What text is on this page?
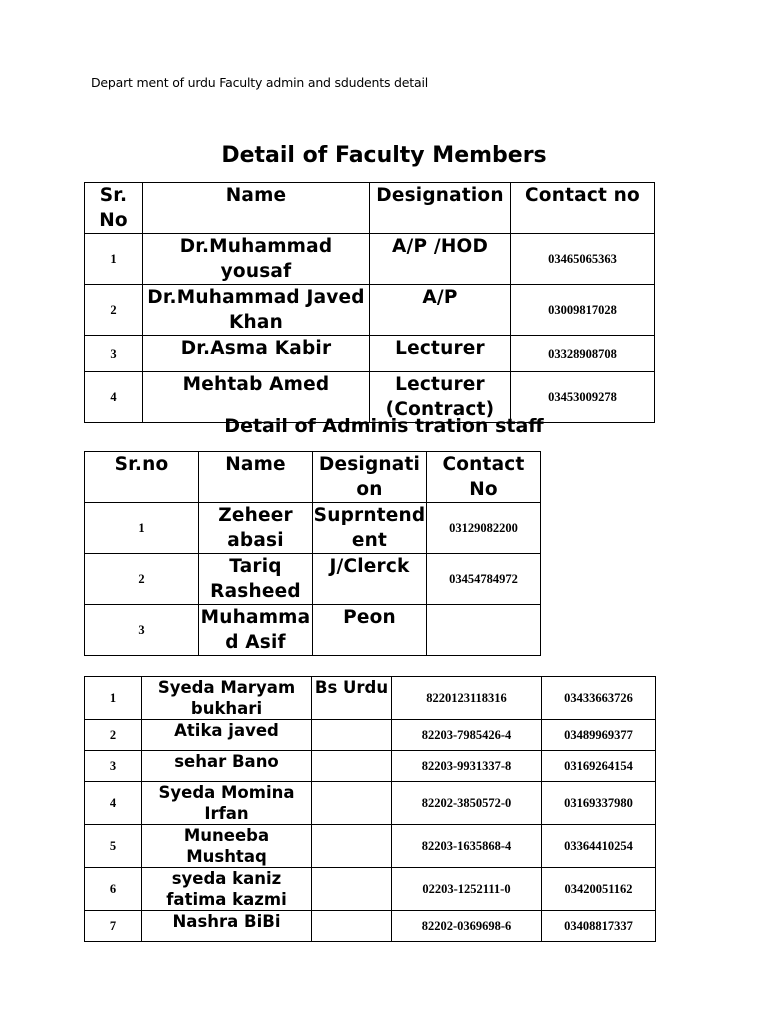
Depart ment of urdu Faculty admin and sdudents detail
Detail of Faculty Members
Sr. No	Name	Designation	Contact no
1	Dr.Muhammad yousaf	A/P /HOD	03465065363
2	Dr.Muhammad Javed Khan	A/P	03009817028
3	Dr.Asma Kabir	Lecturer	03328908708
4	Mehtab Amed	Lecturer (Contract)	03453009278
Detail of Adminis tration staff
Sr.no	Name	Designation	Contact No
1	Zeheer abasi	Suprntendent	03129082200
2	Tariq Rasheed	J/Clerck	03454784972
3	Muhammad Asif	Peon	
1	Syeda Maryam bukhari	Bs Urdu	8220123118316	03433663726
2	Atika javed		82203-7985426-4	03489969377
3	sehar Bano		82203-9931337-8	03169264154
4	Syeda Momina Irfan		82202-3850572-0	03169337980
5	Muneeba Mushtaq		82203-1635868-4	03364410254
6	syeda kaniz fatima kazmi		02203-1252111-0	03420051162
7	Nashra BiBi		82202-0369698-6	03408817337
